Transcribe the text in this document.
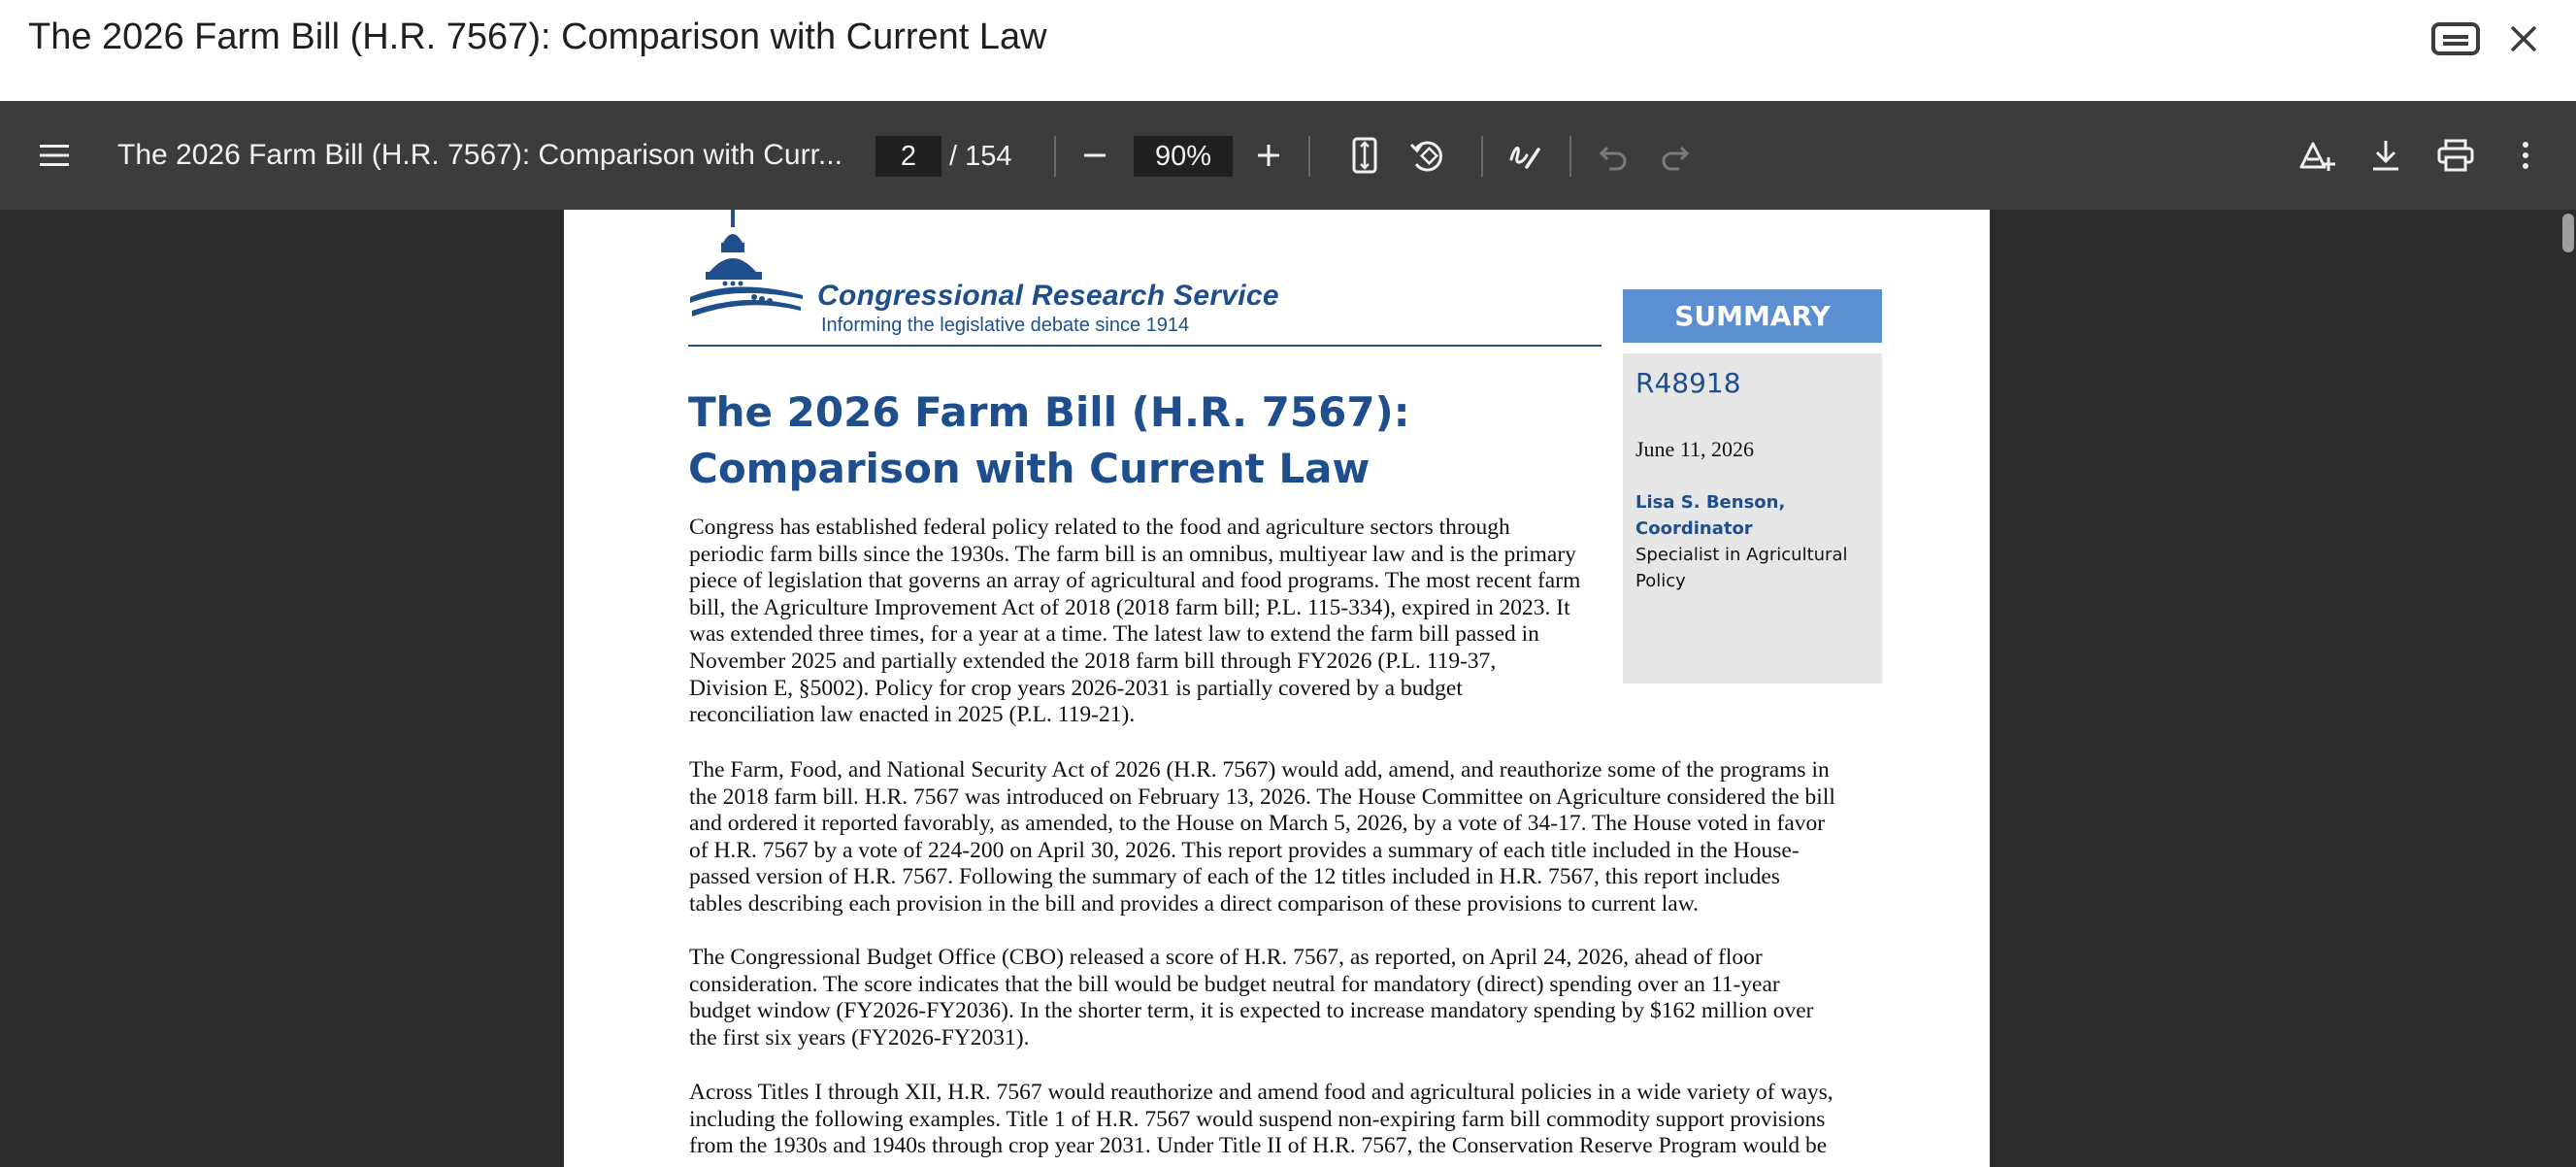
The 2026 Farm Bill (H.R. 7567): Comparison with Current Law
The 2026 Farm Bill (H.R. 7567): Comparison with Curr...	2	/ 154	90%
Congressional Research Service
Informing the legislative debate since 1914
The 2026 Farm Bill (H.R. 7567):
Comparison with Current Law
SUMMARY
R48918
June 11, 2026
Lisa S. Benson,
Coordinator
Specialist in Agricultural
Policy
Congress has established federal policy related to the food and agriculture sectors through
periodic farm bills since the 1930s. The farm bill is an omnibus, multiyear law and is the primary
piece of legislation that governs an array of agricultural and food programs. The most recent farm
bill, the Agriculture Improvement Act of 2018 (2018 farm bill; P.L. 115-334), expired in 2023. It
was extended three times, for a year at a time. The latest law to extend the farm bill passed in
November 2025 and partially extended the 2018 farm bill through FY2026 (P.L. 119-37,
Division E, §5002). Policy for crop years 2026-2031 is partially covered by a budget
reconciliation law enacted in 2025 (P.L. 119-21).
The Farm, Food, and National Security Act of 2026 (H.R. 7567) would add, amend, and reauthorize some of the programs in
the 2018 farm bill. H.R. 7567 was introduced on February 13, 2026. The House Committee on Agriculture considered the bill
and ordered it reported favorably, as amended, to the House on March 5, 2026, by a vote of 34-17. The House voted in favor
of H.R. 7567 by a vote of 224-200 on April 30, 2026. This report provides a summary of each title included in the House-
passed version of H.R. 7567. Following the summary of each of the 12 titles included in H.R. 7567, this report includes
tables describing each provision in the bill and provides a direct comparison of these provisions to current law.
The Congressional Budget Office (CBO) released a score of H.R. 7567, as reported, on April 24, 2026, ahead of floor
consideration. The score indicates that the bill would be budget neutral for mandatory (direct) spending over an 11-year
budget window (FY2026-FY2036). In the shorter term, it is expected to increase mandatory spending by $162 million over
the first six years (FY2026-FY2031).
Across Titles I through XII, H.R. 7567 would reauthorize and amend food and agricultural policies in a wide variety of ways,
including the following examples. Title 1 of H.R. 7567 would suspend non-expiring farm bill commodity support provisions
from the 1930s and 1940s through crop year 2031. Under Title II of H.R. 7567, the Conservation Reserve Program would be
